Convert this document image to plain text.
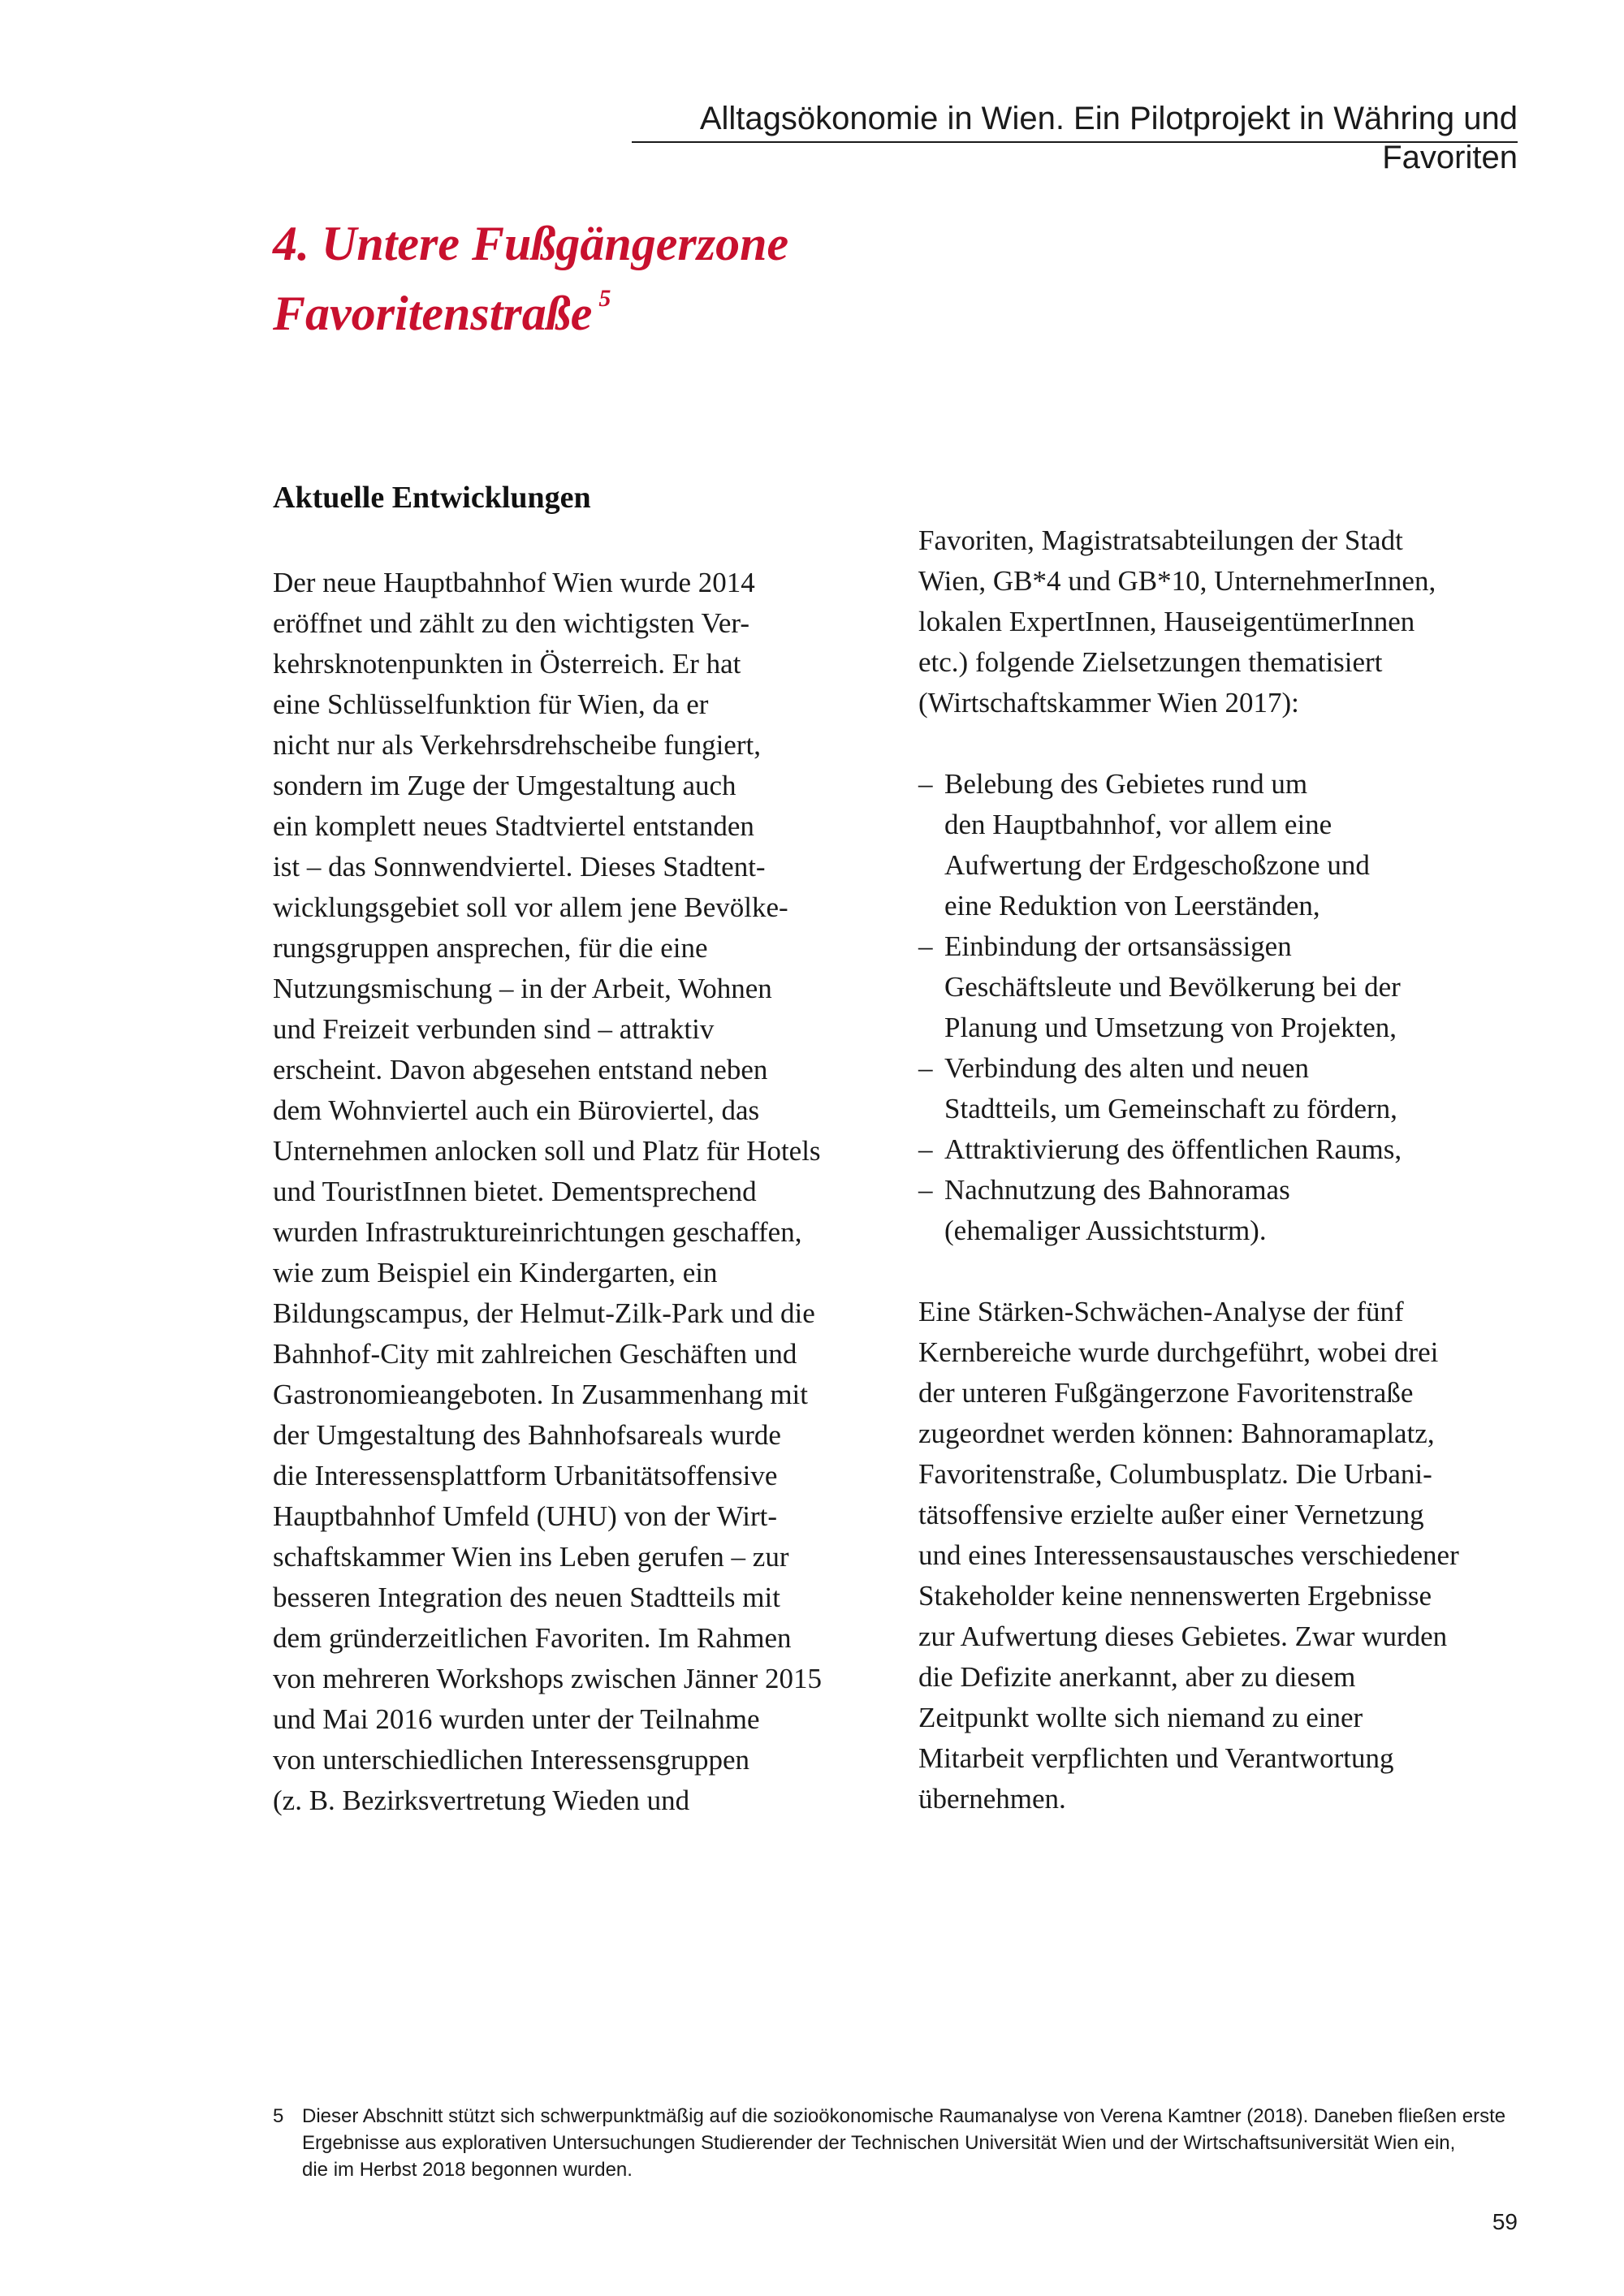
Alltagsökonomie in Wien. Ein Pilotprojekt in Währing und Favoriten
4. Untere Fußgängerzone
Favoritenstraße $^5$
Aktuelle Entwicklungen
Der neue Hauptbahnhof Wien wurde 2014
eröffnet und zählt zu den wichtigsten Ver-
kehrsknotenpunkten in Österreich. Er hat
eine Schlüsselfunktion für Wien, da er
nicht nur als Verkehrsdrehscheibe fungiert,
sondern im Zuge der Umgestaltung auch
ein komplett neues Stadtviertel entstanden
ist – das Sonnwendviertel. Dieses Stadtent-
wicklungsgebiet soll vor allem jene Bevölke-
rungsgruppen ansprechen, für die eine
Nutzungsmischung – in der Arbeit, Wohnen
und Freizeit verbunden sind – attraktiv
erscheint. Davon abgesehen entstand neben
dem Wohnviertel auch ein Büroviertel, das
Unternehmen anlocken soll und Platz für Hotels
und TouristInnen bietet. Dementsprechend
wurden Infrastruktureinrichtungen geschaffen,
wie zum Beispiel ein Kindergarten, ein
Bildungscampus, der Helmut-Zilk-Park und die
Bahnhof-City mit zahlreichen Geschäften und
Gastronomieangeboten. In Zusammenhang mit
der Umgestaltung des Bahnhofsareals wurde
die Interessensplattform Urbanitätsoffensive
Hauptbahnhof Umfeld (UHU) von der Wirt-
schaftskammer Wien ins Leben gerufen – zur
besseren Integration des neuen Stadtteils mit
dem gründerzeitlichen Favoriten. Im Rahmen
von mehreren Workshops zwischen Jänner 2015
und Mai 2016 wurden unter der Teilnahme
von unterschiedlichen Interessensgruppen
(z. B. Bezirksvertretung Wieden und
Favoriten, Magistratsabteilungen der Stadt
Wien, GB*4 und GB*10, UnternehmerInnen,
lokalen ExpertInnen, HauseigentümerInnen
etc.) folgende Zielsetzungen thematisiert
(Wirtschaftskammer Wien 2017):
– Belebung des Gebietes rund um
den Hauptbahnhof, vor allem eine
Aufwertung der Erdgeschoßzone und
eine Reduktion von Leerständen,
– Einbindung der ortsansässigen
Geschäftsleute und Bevölkerung bei der
Planung und Umsetzung von Projekten,
– Verbindung des alten und neuen
Stadtteils, um Gemeinschaft zu fördern,
– Attraktivierung des öffentlichen Raums,
– Nachnutzung des Bahnoramas
(ehemaliger Aussichtsturm).
Eine Stärken-Schwächen-Analyse der fünf
Kernbereiche wurde durchgeführt, wobei drei
der unteren Fußgängerzone Favoritenstraße
zugeordnet werden können: Bahnoramaplatz,
Favoritenstraße, Columbusplatz. Die Urbani-
tätsoffensive erzielte außer einer Vernetzung
und eines Interessensaustausches verschiedener
Stakeholder keine nennenswerten Ergebnisse
zur Aufwertung dieses Gebietes. Zwar wurden
die Defizite anerkannt, aber zu diesem
Zeitpunkt wollte sich niemand zu einer
Mitarbeit verpflichten und Verantwortung
übernehmen.
5 Dieser Abschnitt stützt sich schwerpunktmäßig auf die sozioökonomische Raumanalyse von Verena Kamtner (2018). Daneben fließen erste
Ergebnisse aus explorativen Untersuchungen Studierender der Technischen Universität Wien und der Wirtschaftsuniversität Wien ein,
die im Herbst 2018 begonnen wurden.
59
